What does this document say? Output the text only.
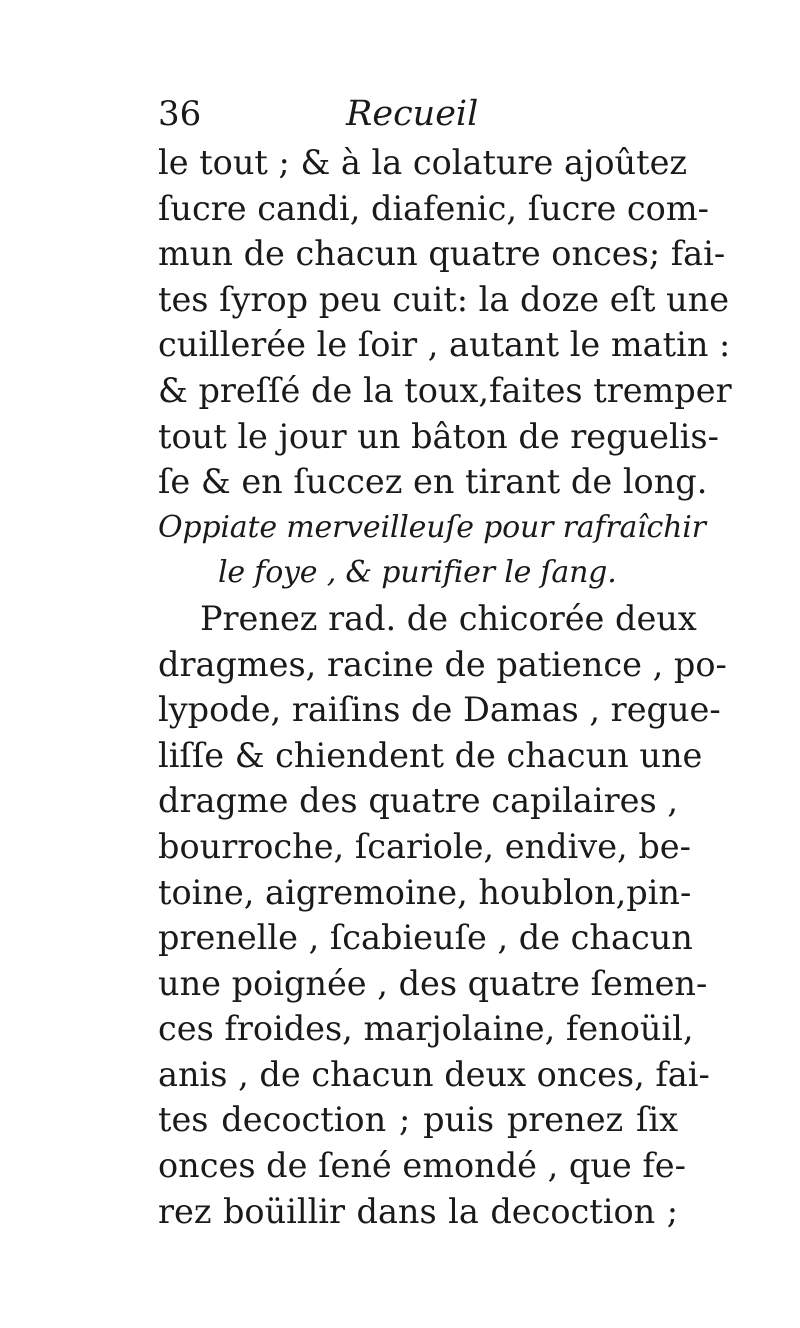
36	Recueil
le tout ; & à la colature ajoûtez
ſucre candi, diafenic, ſucre com-
mun de chacun quatre onces; fai-
tes ſyrop peu cuit: la doze eſt une
cuillerée le ſoir , autant le matin :
& preſſé de la toux,faites tremper
tout le jour un bâton de reguelis-
ſe & en ſuccez en tirant de long.
Oppiate merveilleuſe pour rafraîchir
le foye , & purifier le ſang.
Prenez rad. de chicorée deux
dragmes, racine de patience , po-
lypode, raiſins de Damas , regue-
liſſe & chiendent de chacun une
dragme des quatre capilaires ,
bourroche, ſcariole, endive, be-
toine, aigremoine, houblon,pin-
prenelle , ſcabieuſe , de chacun
une poignée , des quatre ſemen-
ces froides, marjolaine, fenoüil,
anis , de chacun deux onces, fai-
tes decoction ; puis prenez ſix
onces de ſené emondé , que fe-
rez boüillir dans la decoction ;
